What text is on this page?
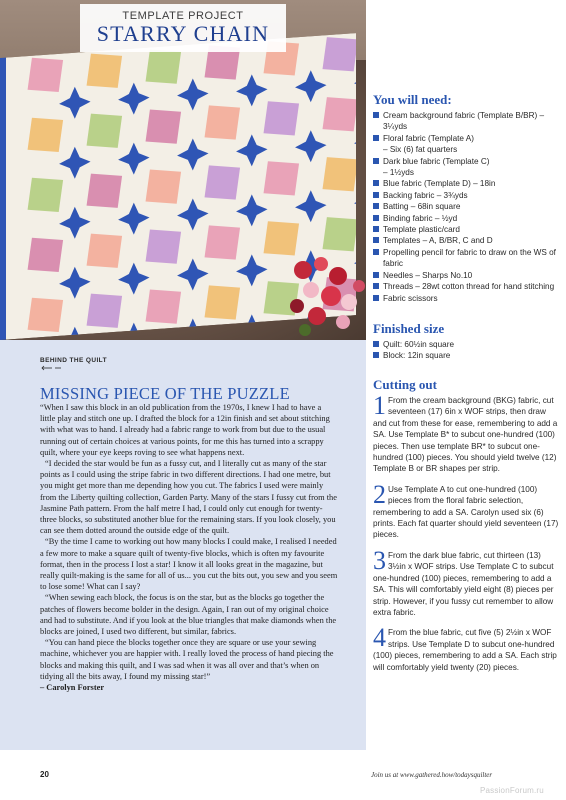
TEMPLATE PROJECT
STARRY CHAIN
You will need:
Cream background fabric (Template B/BR) – 3¼yds
Floral fabric (Template A)
– Six (6) fat quarters
Dark blue fabric (Template C)
– 1½yds
Blue fabric (Template D) – 18in
Backing fabric – 3¾yds
Batting – 68in square
Binding fabric – ½yd
Template plastic/card
Templates – A, B/BR, C and D
Propelling pencil for fabric to draw on the WS of fabric
Needles – Sharps No.10
Threads – 28wt cotton thread for hand stitching
Fabric scissors
Finished size
Quilt: 60½in square
Block: 12in square
BEHIND THE QUILT
MISSING PIECE OF THE PUZZLE

“When I saw this block in an old publication from the 1970s, I knew I had to have a little play and stitch one up. I drafted the block for a 12in finish and set about stitching with what was to hand. I already had a fabric range to work from but due to the usual running out of certain choices at various points, for me this has turned into a scrappy quilt, where your eye keeps roving to see what happens next.

“I decided the star would be fun as a fussy cut, and I literally cut as many of the star points as I could using the stripe fabric in two different directions. I had one metre, but you might get more than me depending how you cut. The fabrics I used were mainly from the Liberty quilting collection, Garden Party. Many of the stars I fussy cut from the Jasmine Path pattern. From the half metre I had, I could only cut enough for twenty-three blocks, so substituted another blue for the remaining stars. If you look closely, you can see them dotted around the outside edge of the quilt.

“By the time I came to working out how many blocks I could make, I realised I needed a few more to make a square quilt of twenty-five blocks, which is often my favourite format, then in the process I lost a star! I know it all looks great in the magazine, but really quilt-making is the same for all of us... you cut the bits out, you sew and you seem to lose some! What can I say?

“When sewing each block, the focus is on the star, but as the blocks go together the patches of flowers become bolder in the design. Again, I ran out of my original choice and had to substitute. And if you look at the blue triangles that make diamonds when the blocks are joined, I used two different, but similar, fabrics.

“You can hand piece the blocks together once they are square or use your sewing machine, whichever you are happier with. I really loved the process of hand piecing the blocks and making this quilt, and I was sad when it was all over and that’s when on tidying all the bits away, I found my missing star!”

– Carolyn Forster

Cutting out
1 From the cream background (BKG) fabric, cut seventeen (17) 6in x WOF strips, then draw and cut from these for ease, remembering to add a SA. Use Template B* to subcut one-hundred (100) pieces. Then use template BR* to subcut one-hundred (100) pieces. You should yield twelve (12) Template B or BR shapes per strip.
2 Use Template A to cut one-hundred (100) pieces from the floral fabric selection, remembering to add a SA. Carolyn used six (6) prints. Each fat quarter should yield seventeen (17) pieces.
3 From the dark blue fabric, cut thirteen (13) 3½in x WOF strips. Use Template C to subcut one-hundred (100) pieces, remembering to add a SA. This will comfortably yield eight (8) pieces per strip. However, if you fussy cut remember to allow extra fabric.
4 From the blue fabric, cut five (5) 2½in x WOF strips. Use Template D to subcut one-hundred (100) pieces, remembering to add a SA. Each strip will comfortably yield twenty (20) pieces.
20	Join us at www.gathered.how/todaysquilter
PassionForum.ru
